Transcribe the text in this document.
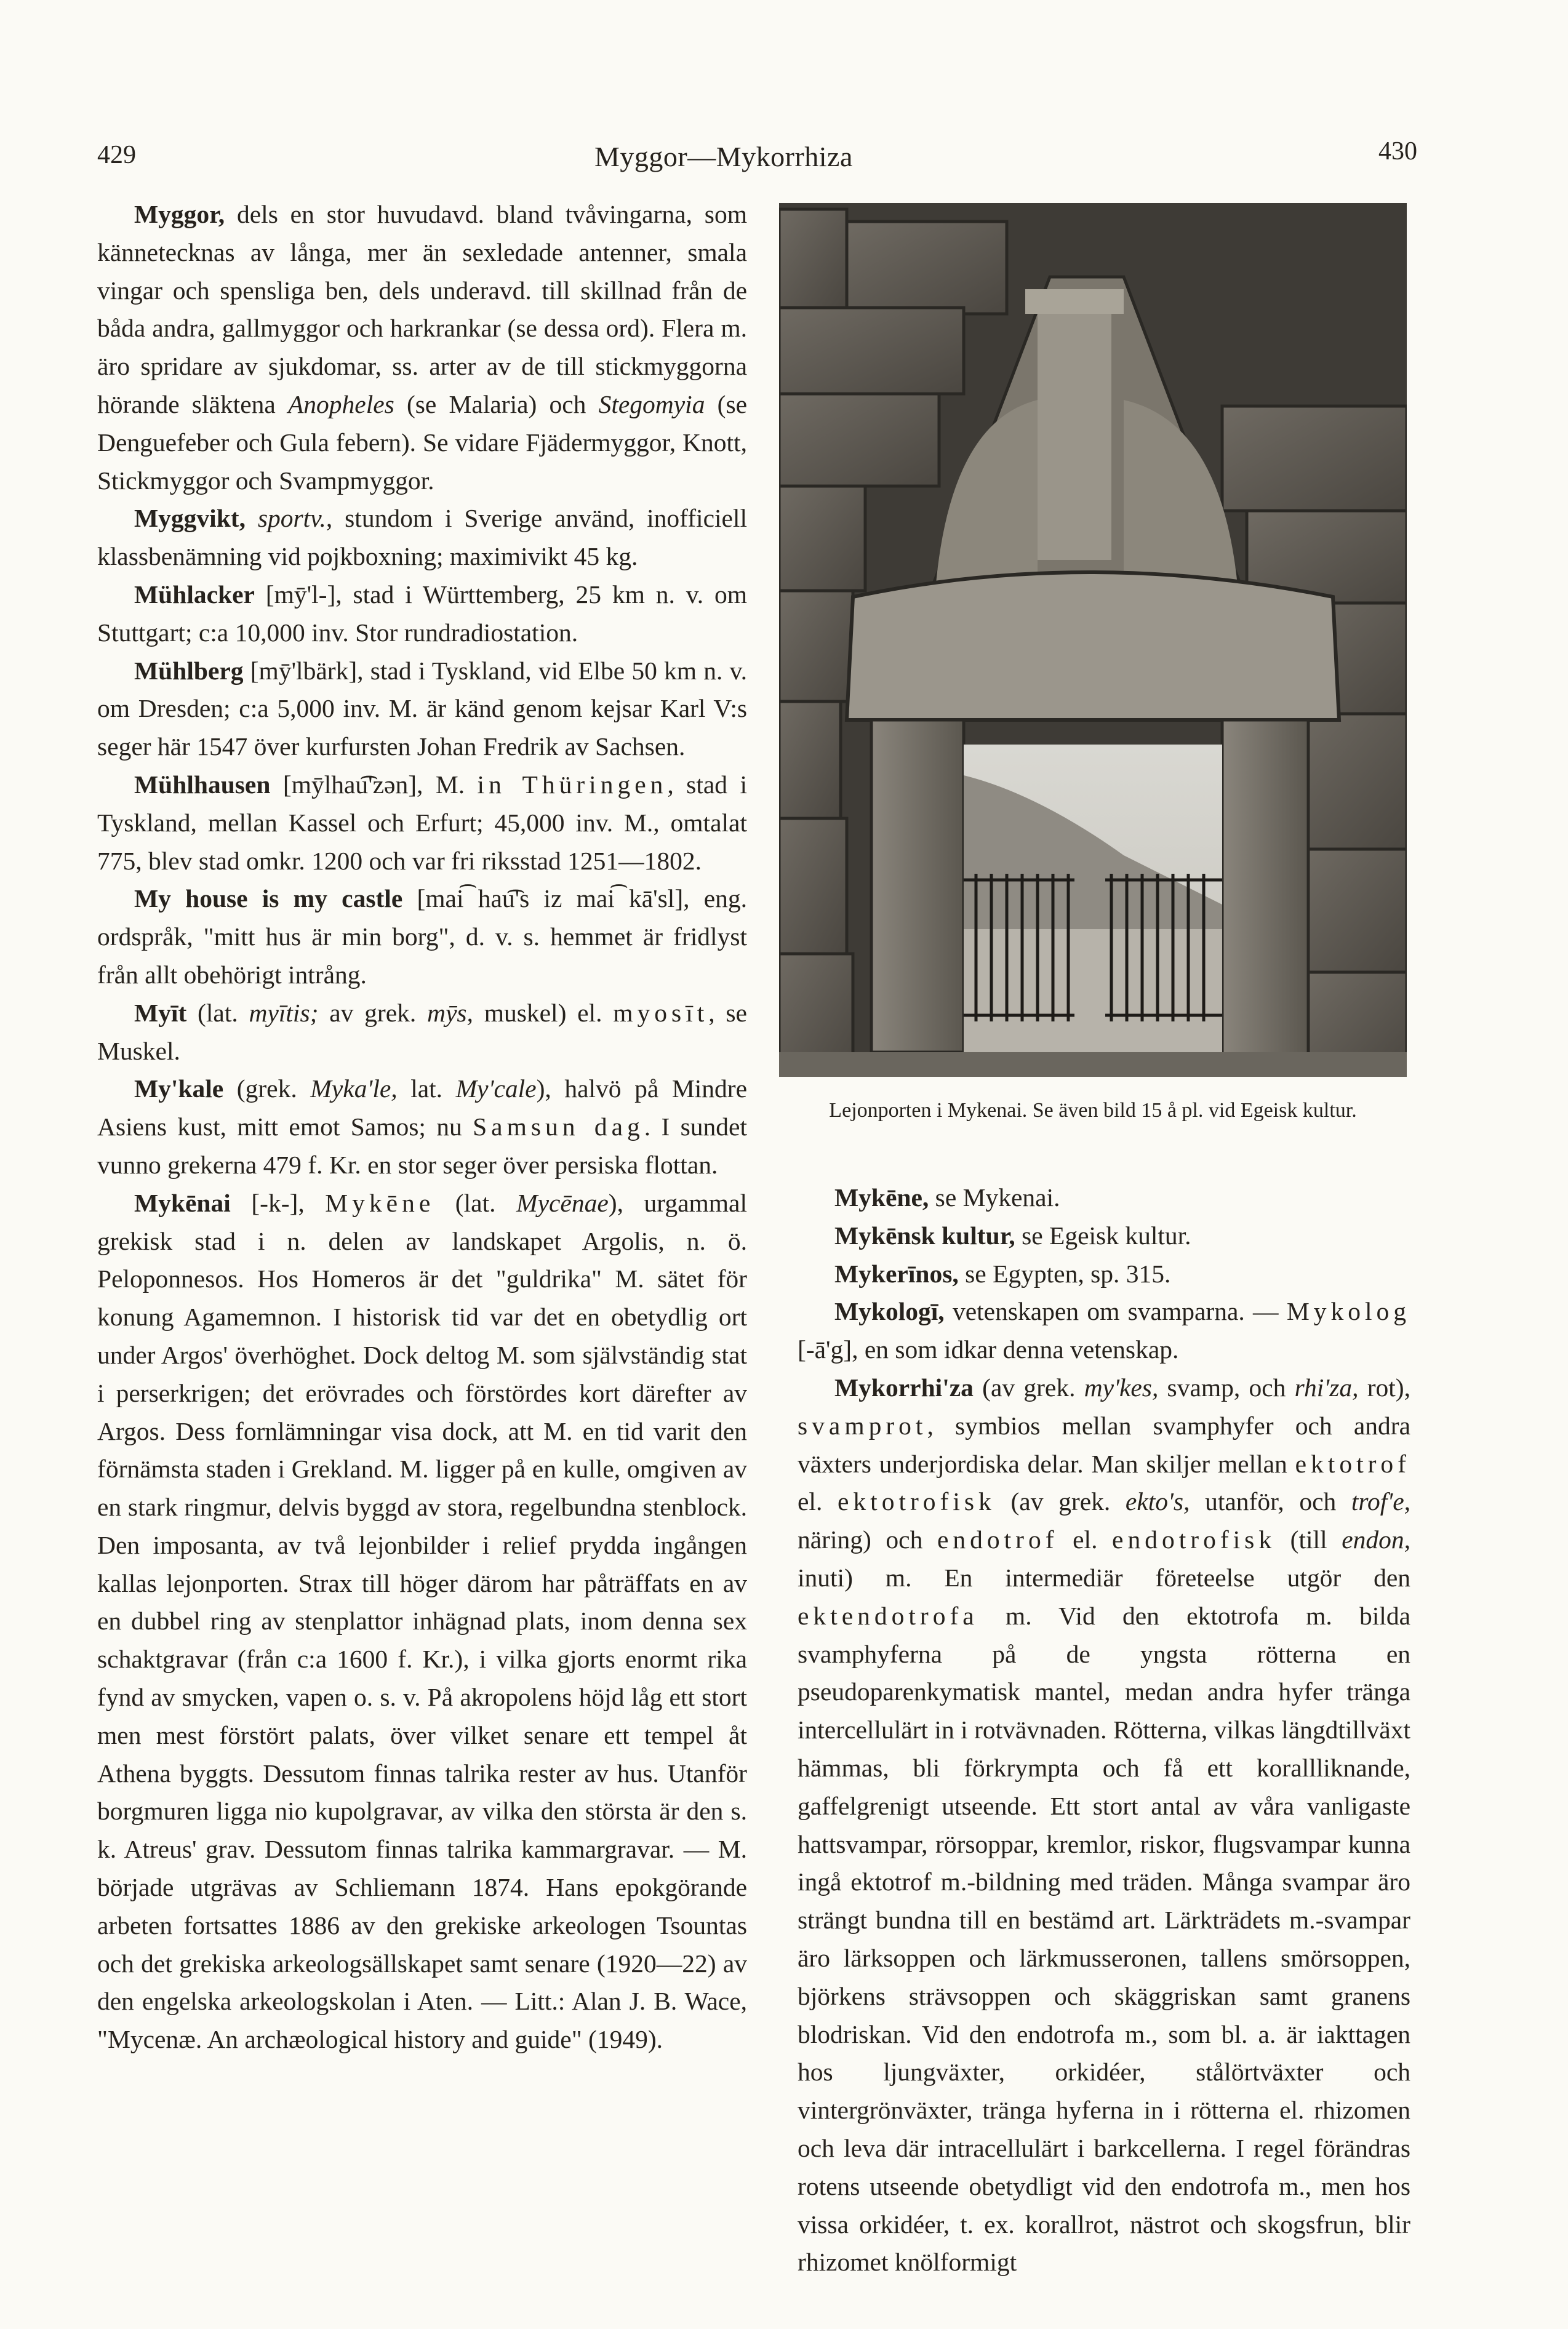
429	Myggor—Mykorrhiza	430

Myggor, dels en stor huvudavd. bland tvåvingarna, som kännetecknas av långa, mer än sexledade antenner, smala vingar och spensliga ben, dels underavd. till skillnad från de båda andra, gallmyggor och harkrankar (se dessa ord). Flera m. äro spridare av sjukdomar, ss. arter av de till stickmyggorna hörande släktena Anopheles (se Malaria) och Stegomyia (se Denguefeber och Gula febern). Se vidare Fjädermyggor, Knott, Stickmyggor och Svampmyggor.

Myggvikt, sportv., stundom i Sverige använd, inofficiell klassbenämning vid pojkboxning; maximivikt 45 kg.

Mühlacker [mȳ'l-], stad i Württemberg, 25 km n. v. om Stuttgart; c:a 10,000 inv. Stor rundradiostation.

Mühlberg [mȳ'lbärk], stad i Tyskland, vid Elbe 50 km n. v. om Dresden; c:a 5,000 inv. M. är känd genom kejsar Karl V:s seger här 1547 över kurfursten Johan Fredrik av Sachsen.

Mühlhausen [mȳlhau͡'zən], M. in Thüringen, stad i Tyskland, mellan Kassel och Erfurt; 45,000 inv. M., omtalat 775, blev stad omkr. 1200 och var fri riksstad 1251—1802.

My house is my castle [mai͡ hau͡'s iz mai͡ kā'sl], eng. ordspråk, "mitt hus är min borg", d. v. s. hemmet är fridlyst från allt obehörigt intrång.

Myīt (lat. myītis; av grek. mȳs, muskel) el. myosīt, se Muskel.

My'kale (grek. Myka'le, lat. My'cale), halvö på Mindre Asiens kust, mitt emot Samos; nu Samsun dag. I sundet vunno grekerna 479 f. Kr. en stor seger över persiska flottan.

Mykēnai [-k-], Mykēne (lat. Mycēnae), urgammal grekisk stad i n. delen av landskapet Argolis, n. ö. Peloponnesos. Hos Homeros är det "guldrika" M. sätet för konung Agamemnon. I historisk tid var det en obetydlig ort under Argos' överhöghet. Dock deltog M. som självständig stat i perserkrigen; det erövrades och förstördes kort därefter av Argos. Dess fornlämningar visa dock, att M. en tid varit den förnämsta staden i Grekland. M. ligger på en kulle, omgiven av en stark ringmur, delvis byggd av stora, regelbundna stenblock. Den imposanta, av två lejonbilder i relief prydda ingången kallas lejonporten. Strax till höger därom har påträffats en av en dubbel ring av stenplattor inhägnad plats, inom denna sex schaktgravar (från c:a 1600 f. Kr.), i vilka gjorts enormt rika fynd av smycken, vapen o. s. v. På akropolens höjd låg ett stort men mest förstört palats, över vilket senare ett tempel åt Athena byggts. Dessutom finnas talrika rester av hus. Utanför borgmuren ligga nio kupolgravar, av vilka den största är den s. k. Atreus' grav. Dessutom finnas talrika kammargravar. — M. började utgrävas av Schliemann 1874. Hans epokgörande arbeten fortsattes 1886 av den grekiske arkeologen Tsountas och det grekiska arkeologsällskapet samt senare (1920—22) av den engelska arkeologskolan i Aten. — Litt.: Alan J. B. Wace, "Mycenæ. An archæological history and guide" (1949).

Lejonporten i Mykenai. Se även bild 15 å pl. vid Egeisk kultur.

Mykēne, se Mykenai.

Mykēnsk kultur, se Egeisk kultur.

Mykerīnos, se Egypten, sp. 315.

Mykologī, vetenskapen om svamparna. — Mykolog [-ā'g], en som idkar denna vetenskap.

Mykorrhi'za (av grek. my'kes, svamp, och rhi'za, rot), svamprot, symbios mellan svamphyfer och andra växters underjordiska delar. Man skiljer mellan ektotrof el. ektotrofisk (av grek. ekto's, utanför, och trof'e, näring) och endotrof el. endotrofisk (till endon, inuti) m. En intermediär företeelse utgör den ektendotrofa m. Vid den ektotrofa m. bilda svamphyferna på de yngsta rötterna en pseudoparenkymatisk mantel, medan andra hyfer tränga intercellulärt in i rotvävnaden. Rötterna, vilkas längdtillväxt hämmas, bli förkrympta och få ett korallliknande, gaffelgrenigt utseende. Ett stort antal av våra vanligaste hattsvampar, rörsoppar, kremlor, riskor, flugsvampar kunna ingå ektotrof m.-bildning med träden. Många svampar äro strängt bundna till en bestämd art. Lärkträdets m.-svampar äro lärksoppen och lärkmusseronen, tallens smörsoppen, björkens strävsoppen och skäggriskan samt granens blodriskan. Vid den endotrofa m., som bl. a. är iakttagen hos ljungväxter, orkidéer, stålörtväxter och vintergrönväxter, tränga hyferna in i rötterna el. rhizomen och leva där intracellulärt i barkcellerna. I regel förändras rotens utseende obetydligt vid den endotrofa m., men hos vissa orkidéer, t. ex. korallrot, nästrot och skogsfrun, blir rhizomet knölformigt
